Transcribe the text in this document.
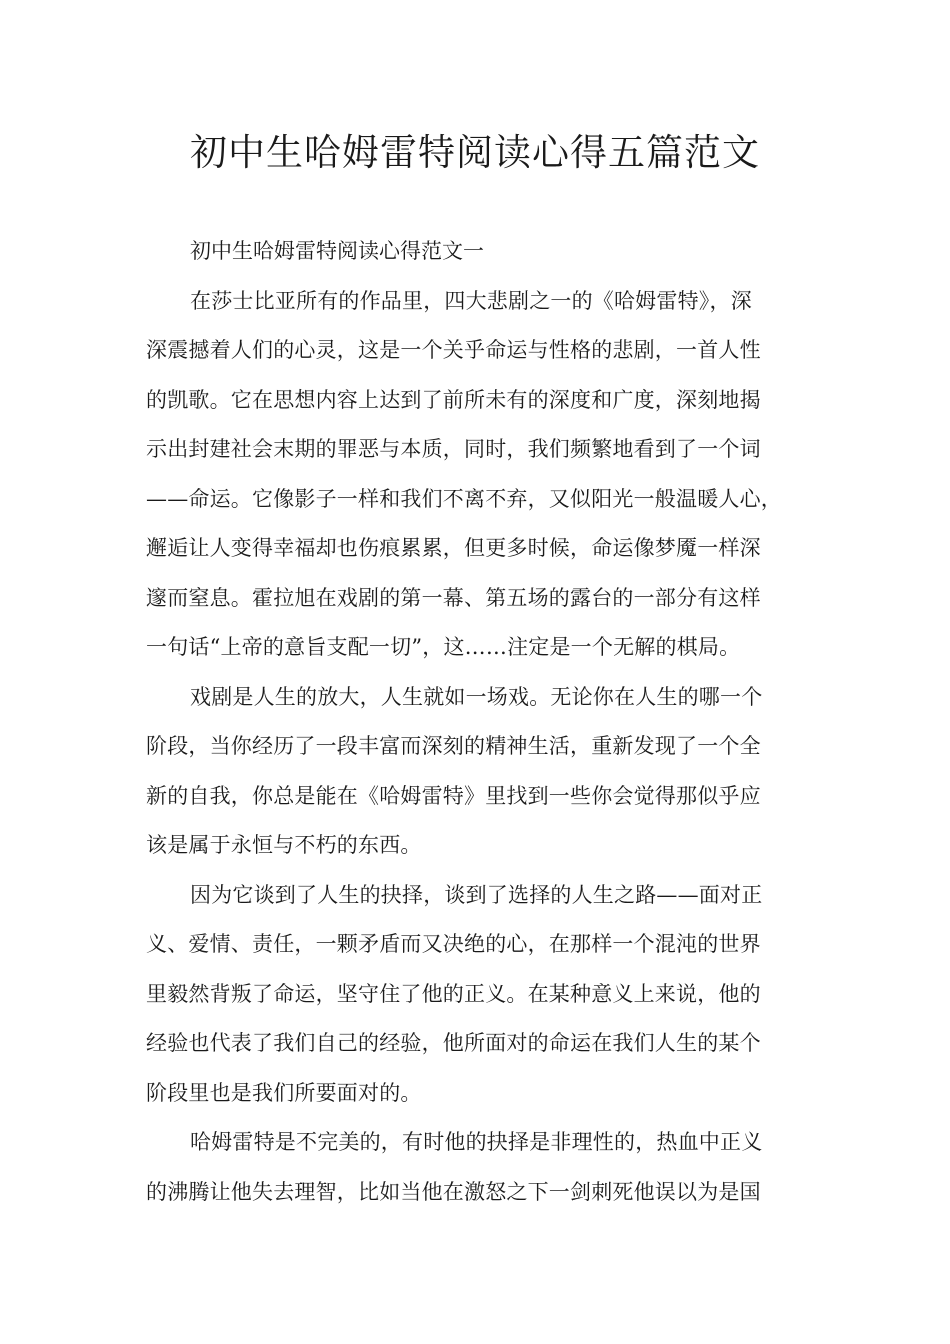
初中生哈姆雷特阅读心得五篇范文

初中生哈姆雷特阅读心得范文一

在莎士比亚所有的作品里，四大悲剧之一的《哈姆雷特》，深
深震撼着人们的心灵，这是一个关乎命运与性格的悲剧，一首人性
的凯歌。它在思想内容上达到了前所未有的深度和广度，深刻地揭
示出封建社会末期的罪恶与本质，同时，我们频繁地看到了一个词
——命运。它像影子一样和我们不离不弃，又似阳光一般温暖人心，
邂逅让人变得幸福却也伤痕累累，但更多时候，命运像梦魇一样深
邃而窒息。霍拉旭在戏剧的第一幕、第五场的露台的一部分有这样
一句话“上帝的意旨支配一切”，这……注定是一个无解的棋局。

戏剧是人生的放大，人生就如一场戏。无论你在人生的哪一个
阶段，当你经历了一段丰富而深刻的精神生活，重新发现了一个全
新的自我，你总是能在《哈姆雷特》里找到一些你会觉得那似乎应
该是属于永恒与不朽的东西。

因为它谈到了人生的抉择，谈到了选择的人生之路——面对正
义、爱情、责任，一颗矛盾而又决绝的心，在那样一个混沌的世界
里毅然背叛了命运，坚守住了他的正义。在某种意义上来说，他的
经验也代表了我们自己的经验，他所面对的命运在我们人生的某个
阶段里也是我们所要面对的。

哈姆雷特是不完美的，有时他的抉择是非理性的，热血中正义
的沸腾让他失去理智，比如当他在激怒之下一剑刺死他误以为是国
